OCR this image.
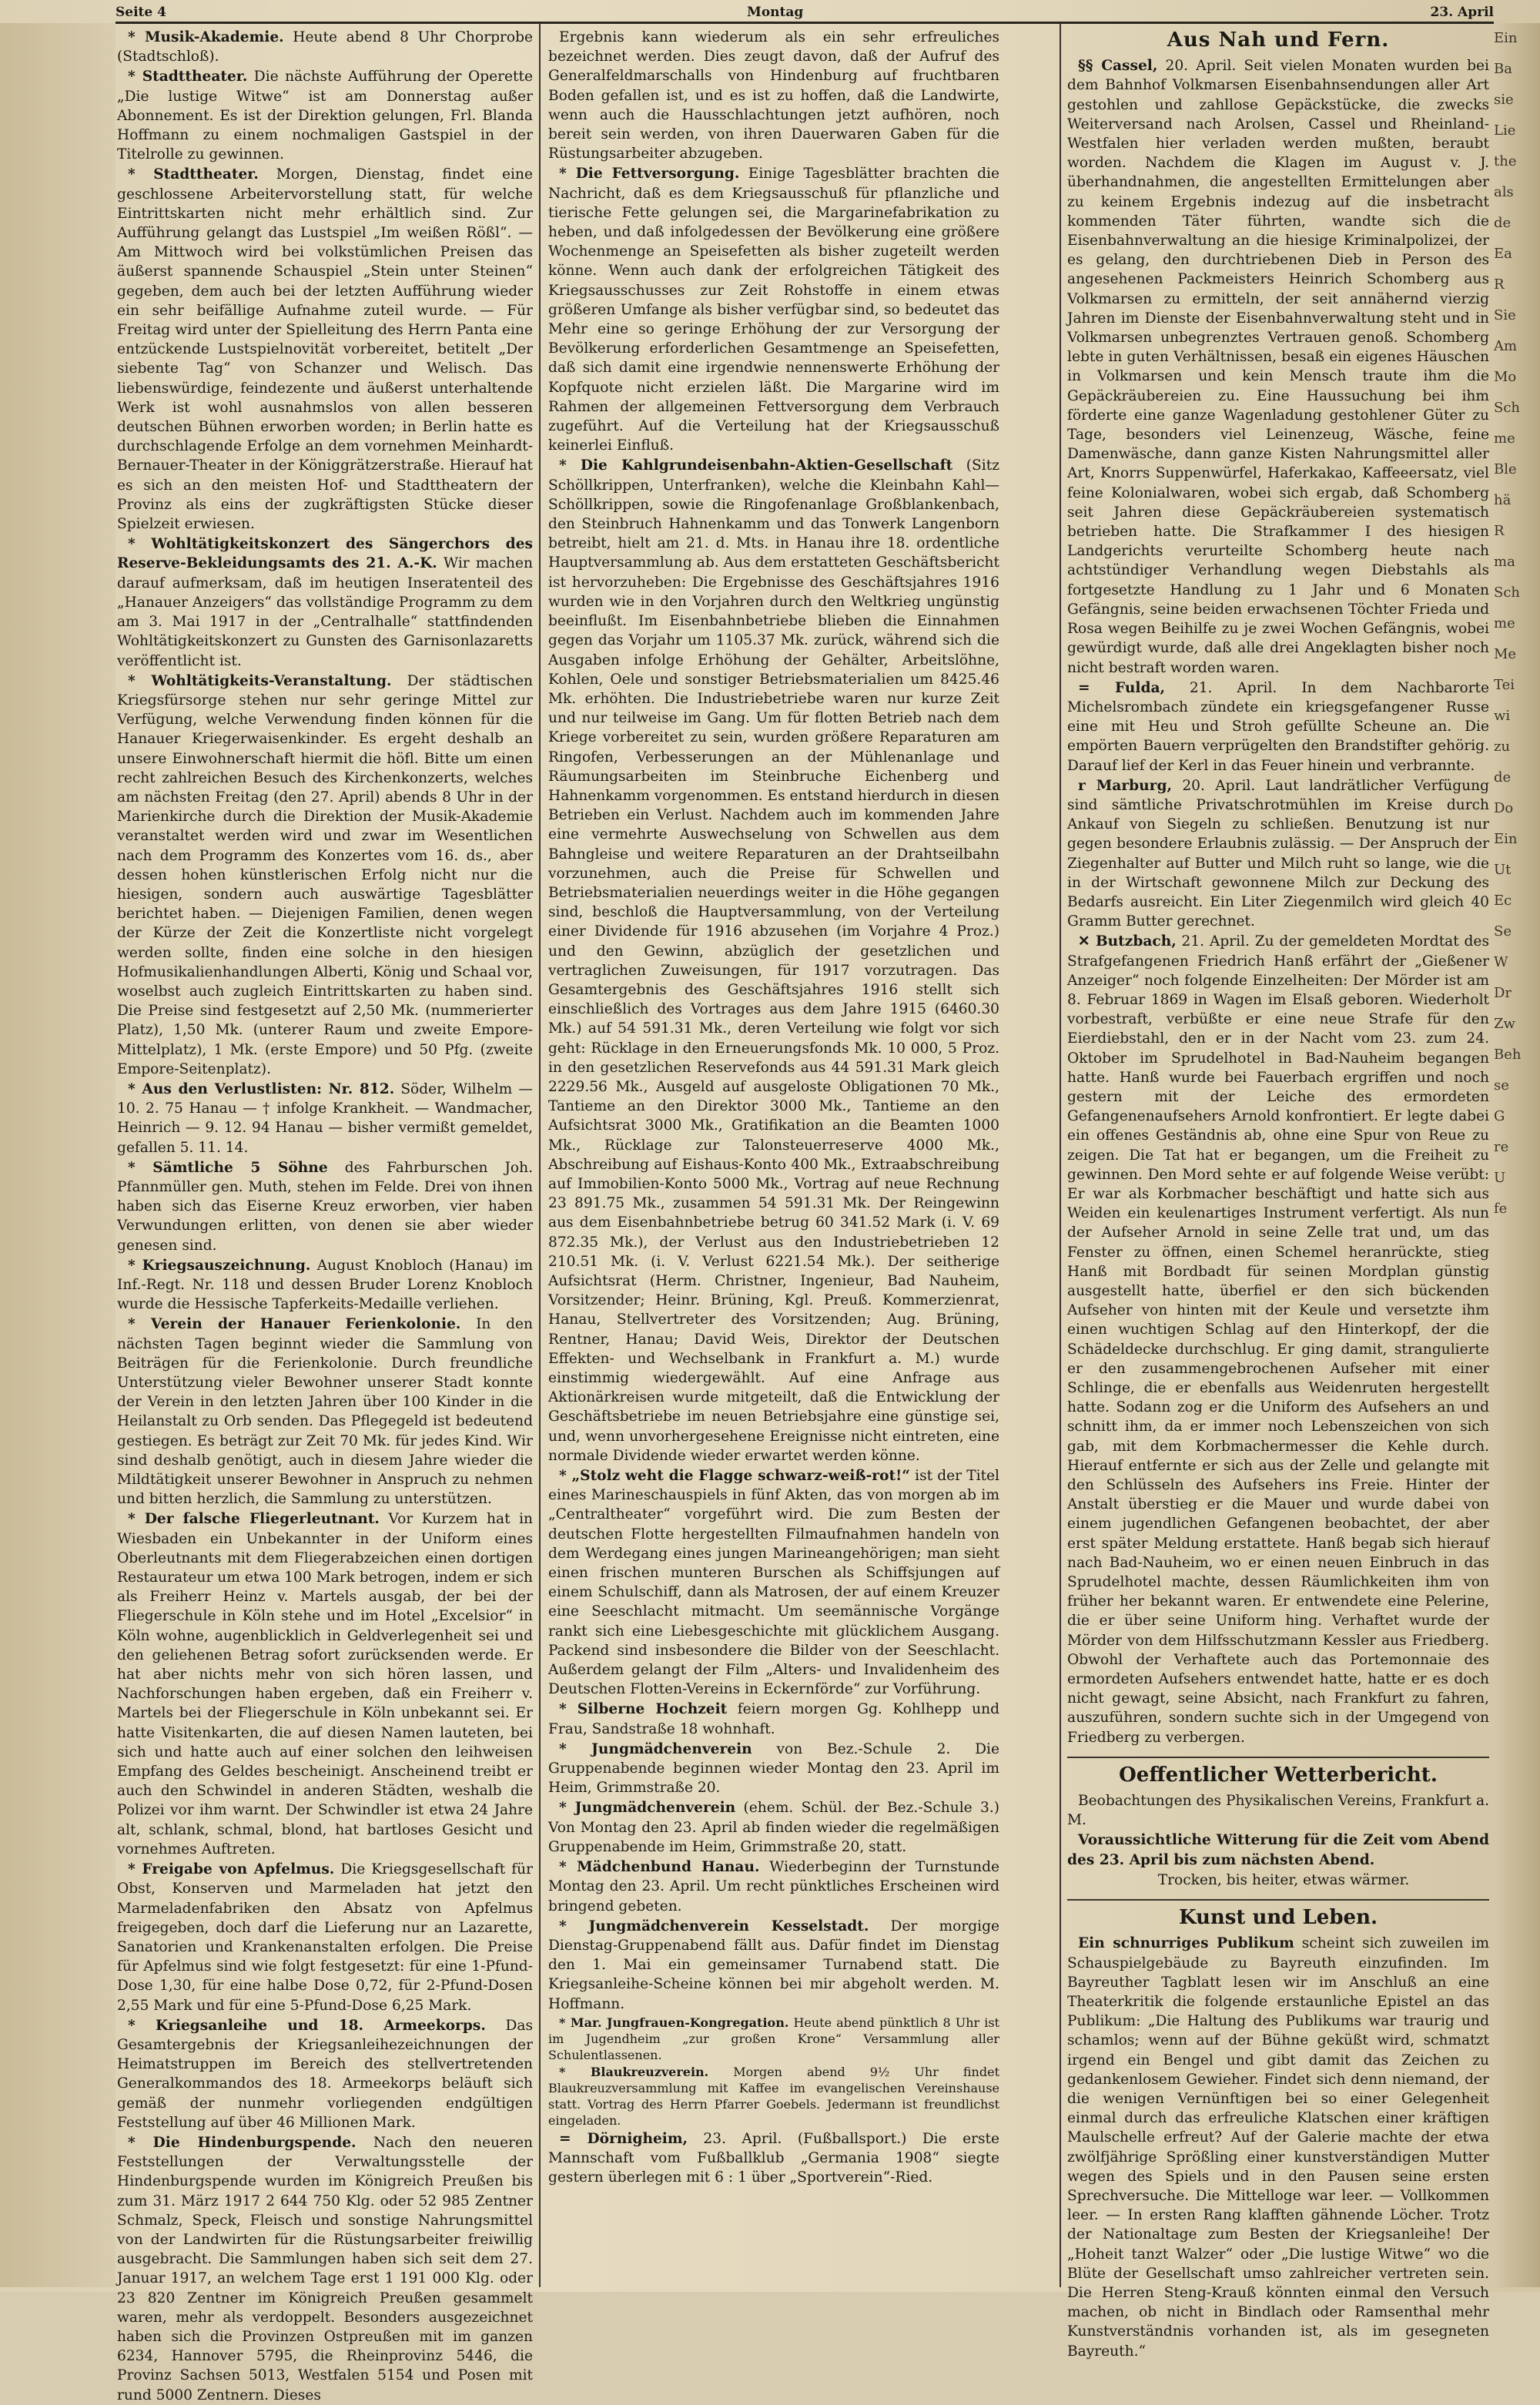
Seite 4	Montag	23. April

* Musik-Akademie. Heute abend 8 Uhr Chorprobe (Stadtschloß).

* Stadttheater. Die nächste Aufführung der Operette „Die lustige Witwe“ ist am Donnerstag außer Abonnement. Es ist der Direktion gelungen, Frl. Blanda Hoffmann zu einem nochmaligen Gastspiel in der Titelrolle zu gewinnen.

* Stadttheater. Morgen, Dienstag, findet eine geschlossene Arbeitervorstellung statt, für welche Eintrittskarten nicht mehr erhältlich sind. Zur Aufführung gelangt das Lustspiel „Im weißen Rößl“. — Am Mittwoch wird bei volkstümlichen Preisen das äußerst spannende Schauspiel „Stein unter Steinen“ gegeben, dem auch bei der letzten Aufführung wieder ein sehr beifällige Aufnahme zuteil wurde. — Für Freitag wird unter der Spielleitung des Herrn Panta eine entzückende Lustspielnovität vorbereitet, betitelt „Der siebente Tag“ von Schanzer und Welisch. Das liebenswürdige, feindezente und äußerst unterhaltende Werk ist wohl ausnahmslos von allen besseren deutschen Bühnen erworben worden; in Berlin hatte es durchschlagende Erfolge an dem vornehmen Meinhardt-Bernauer-Theater in der Königgrätzerstraße. Hierauf hat es sich an den meisten Hof- und Stadttheatern der Provinz als eins der zugkräftigsten Stücke dieser Spielzeit erwiesen.

* Wohltätigkeitskonzert des Sängerchors des Reserve-Bekleidungsamts des 21. A.-K. Wir machen darauf aufmerksam, daß im heutigen Inseratenteil des „Hanauer Anzeigers“ das vollständige Programm zu dem am 3. Mai 1917 in der „Centralhalle“ stattfindenden Wohltätigkeitskonzert zu Gunsten des Garnisonlazaretts veröffentlicht ist.

* Wohltätigkeits-Veranstaltung. Der städtischen Kriegsfürsorge stehen nur sehr geringe Mittel zur Verfügung, welche Verwendung finden können für die Hanauer Kriegerwaisenkinder. Es ergeht deshalb an unsere Einwohnerschaft hiermit die höfl. Bitte um einen recht zahlreichen Besuch des Kirchenkonzerts, welches am nächsten Freitag (den 27. April) abends 8 Uhr in der Marienkirche durch die Direktion der Musik-Akademie veranstaltet werden wird und zwar im Wesentlichen nach dem Programm des Konzertes vom 16. ds., aber dessen hohen künstlerischen Erfolg nicht nur die hiesigen, sondern auch auswärtige Tagesblätter berichtet haben. — Diejenigen Familien, denen wegen der Kürze der Zeit die Konzertliste nicht vorgelegt werden sollte, finden eine solche in den hiesigen Hofmusikalienhandlungen Alberti, König und Schaal vor, woselbst auch zugleich Eintrittskarten zu haben sind. Die Preise sind festgesetzt auf 2,50 Mk. (nummerierter Platz), 1,50 Mk. (unterer Raum und zweite Empore-Mittelplatz), 1 Mk. (erste Empore) und 50 Pfg. (zweite Empore-Seitenplatz).

* Aus den Verlustlisten: Nr. 812. Söder, Wilhelm — 10. 2. 75 Hanau — † infolge Krankheit. — Wandmacher, Heinrich — 9. 12. 94 Hanau — bisher vermißt gemeldet, gefallen 5. 11. 14.

* Sämtliche 5 Söhne des Fahrburschen Joh. Pfannmüller gen. Muth, stehen im Felde. Drei von ihnen haben sich das Eiserne Kreuz erworben, vier haben Verwundungen erlitten, von denen sie aber wieder genesen sind.

* Kriegsauszeichnung. August Knobloch (Hanau) im Inf.-Regt. Nr. 118 und dessen Bruder Lorenz Knobloch wurde die Hessische Tapferkeits-Medaille verliehen.

* Verein der Hanauer Ferienkolonie. In den nächsten Tagen beginnt wieder die Sammlung von Beiträgen für die Ferienkolonie. Durch freundliche Unterstützung vieler Bewohner unserer Stadt konnte der Verein in den letzten Jahren über 100 Kinder in die Heilanstalt zu Orb senden. Das Pflegegeld ist bedeutend gestiegen. Es beträgt zur Zeit 70 Mk. für jedes Kind. Wir sind deshalb genötigt, auch in diesem Jahre wieder die Mildtätigkeit unserer Bewohner in Anspruch zu nehmen und bitten herzlich, die Sammlung zu unterstützen.

* Der falsche Fliegerleutnant. Vor Kurzem hat in Wiesbaden ein Unbekannter in der Uniform eines Oberleutnants mit dem Fliegerabzeichen einen dortigen Restaurateur um etwa 100 Mark betrogen, indem er sich als Freiherr Heinz v. Martels ausgab, der bei der Fliegerschule in Köln stehe und im Hotel „Excelsior“ in Köln wohne, augenblicklich in Geldverlegenheit sei und den geliehenen Betrag sofort zurücksenden werde. Er hat aber nichts mehr von sich hören lassen, und Nachforschungen haben ergeben, daß ein Freiherr v. Martels bei der Fliegerschule in Köln unbekannt sei. Er hatte Visitenkarten, die auf diesen Namen lauteten, bei sich und hatte auch auf einer solchen den leihweisen Empfang des Geldes bescheinigt. Anscheinend treibt er auch den Schwindel in anderen Städten, weshalb die Polizei vor ihm warnt. Der Schwindler ist etwa 24 Jahre alt, schlank, schmal, blond, hat bartloses Gesicht und vornehmes Auftreten.

* Freigabe von Apfelmus. Die Kriegsgesellschaft für Obst, Konserven und Marmeladen hat jetzt den Marmeladenfabriken den Absatz von Apfelmus freigegeben, doch darf die Lieferung nur an Lazarette, Sanatorien und Krankenanstalten erfolgen. Die Preise für Apfelmus sind wie folgt festgesetzt: für eine 1-Pfund-Dose 1,30, für eine halbe Dose 0,72, für 2-Pfund-Dosen 2,55 Mark und für eine 5-Pfund-Dose 6,25 Mark.

* Kriegsanleihe und 18. Armeekorps. Das Gesamtergebnis der Kriegsanleihezeichnungen der Heimatstruppen im Bereich des stellvertretenden Generalkommandos des 18. Armeekorps beläuft sich gemäß der nunmehr vorliegenden endgültigen Feststellung auf über 46 Millionen Mark.

* Die Hindenburgspende. Nach den neueren Feststellungen der Verwaltungsstelle der Hindenburgspende wurden im Königreich Preußen bis zum 31. März 1917 2 644 750 Klg. oder 52 985 Zentner Schmalz, Speck, Fleisch und sonstige Nahrungsmittel von der Landwirten für die Rüstungsarbeiter freiwillig ausgebracht. Die Sammlungen haben sich seit dem 27. Januar 1917, an welchem Tage erst 1 191 000 Klg. oder 23 820 Zentner im Königreich Preußen gesammelt waren, mehr als verdoppelt. Besonders ausgezeichnet haben sich die Provinzen Ostpreußen mit im ganzen 6234, Hannover 5795, die Rheinprovinz 5446, die Provinz Sachsen 5013, Westfalen 5154 und Posen mit rund 5000 Zentnern. Dieses

Ergebnis kann wiederum als ein sehr erfreuliches bezeichnet werden. Dies zeugt davon, daß der Aufruf des Generalfeldmarschalls von Hindenburg auf fruchtbaren Boden gefallen ist, und es ist zu hoffen, daß die Landwirte, wenn auch die Hausschlachtungen jetzt aufhören, noch bereit sein werden, von ihren Dauerwaren Gaben für die Rüstungsarbeiter abzugeben.

* Die Fettversorgung. Einige Tagesblätter brachten die Nachricht, daß es dem Kriegsausschuß für pflanzliche und tierische Fette gelungen sei, die Margarinefabrikation zu heben, und daß infolgedessen der Bevölkerung eine größere Wochenmenge an Speisefetten als bisher zugeteilt werden könne. Wenn auch dank der erfolgreichen Tätigkeit des Kriegsausschusses zur Zeit Rohstoffe in einem etwas größeren Umfange als bisher verfügbar sind, so bedeutet das Mehr eine so geringe Erhöhung der zur Versorgung der Bevölkerung erforderlichen Gesamtmenge an Speisefetten, daß sich damit eine irgendwie nennenswerte Erhöhung der Kopfquote nicht erzielen läßt. Die Margarine wird im Rahmen der allgemeinen Fettversorgung dem Verbrauch zugeführt. Auf die Verteilung hat der Kriegsausschuß keinerlei Einfluß.

* Die Kahlgrundeisenbahn-Aktien-Gesellschaft (Sitz Schöllkrippen, Unterfranken), welche die Kleinbahn Kahl—Schöllkrippen, sowie die Ringofenanlage Großblankenbach, den Steinbruch Hahnenkamm und das Tonwerk Langenborn betreibt, hielt am 21. d. Mts. in Hanau ihre 18. ordentliche Hauptversammlung ab. Aus dem erstatteten Geschäftsbericht ist hervorzuheben: Die Ergebnisse des Geschäftsjahres 1916 wurden wie in den Vorjahren durch den Weltkrieg ungünstig beeinflußt. Im Eisenbahnbetriebe blieben die Einnahmen gegen das Vorjahr um 1105.37 Mk. zurück, während sich die Ausgaben infolge Erhöhung der Gehälter, Arbeitslöhne, Kohlen, Oele und sonstiger Betriebsmaterialien um 8425.46 Mk. erhöhten. Die Industriebetriebe waren nur kurze Zeit und nur teilweise im Gang. Um für flotten Betrieb nach dem Kriege vorbereitet zu sein, wurden größere Reparaturen am Ringofen, Verbesserungen an der Mühlenanlage und Räumungsarbeiten im Steinbruche Eichenberg und Hahnenkamm vorgenommen. Es entstand hierdurch in diesen Betrieben ein Verlust. Nachdem auch im kommenden Jahre eine vermehrte Auswechselung von Schwellen aus dem Bahngleise und weitere Reparaturen an der Drahtseilbahn vorzunehmen, auch die Preise für Schwellen und Betriebsmaterialien neuerdings weiter in die Höhe gegangen sind, beschloß die Hauptversammlung, von der Verteilung einer Dividende für 1916 abzusehen (im Vorjahre 4 Proz.) und den Gewinn, abzüglich der gesetzlichen und vertraglichen Zuweisungen, für 1917 vorzutragen. Das Gesamtergebnis des Geschäftsjahres 1916 stellt sich einschließlich des Vortrages aus dem Jahre 1915 (6460.30 Mk.) auf 54 591.31 Mk., deren Verteilung wie folgt vor sich geht: Rücklage in den Erneuerungsfonds Mk. 10 000, 5 Proz. in den gesetzlichen Reservefonds aus 44 591.31 Mark gleich 2229.56 Mk., Ausgeld auf ausgeloste Obligationen 70 Mk., Tantieme an den Direktor 3000 Mk., Tantieme an den Aufsichtsrat 3000 Mk., Gratifikation an die Beamten 1000 Mk., Rücklage zur Talonsteuerreserve 4000 Mk., Abschreibung auf Eishaus-Konto 400 Mk., Extraabschreibung auf Immobilien-Konto 5000 Mk., Vortrag auf neue Rechnung 23 891.75 Mk., zusammen 54 591.31 Mk. Der Reingewinn aus dem Eisenbahnbetriebe betrug 60 341.52 Mark (i. V. 69 872.35 Mk.), der Verlust aus den Industriebetrieben 12 210.51 Mk. (i. V. Verlust 6221.54 Mk.). Der seitherige Aufsichtsrat (Herm. Christner, Ingenieur, Bad Nauheim, Vorsitzender; Heinr. Brüning, Kgl. Preuß. Kommerzienrat, Hanau, Stellvertreter des Vorsitzenden; Aug. Brüning, Rentner, Hanau; David Weis, Direktor der Deutschen Effekten- und Wechselbank in Frankfurt a. M.) wurde einstimmig wiedergewählt. Auf eine Anfrage aus Aktionärkreisen wurde mitgeteilt, daß die Entwicklung der Geschäftsbetriebe im neuen Betriebsjahre eine günstige sei, und, wenn unvorhergesehene Ereignisse nicht eintreten, eine normale Dividende wieder erwartet werden könne.

* „Stolz weht die Flagge schwarz-weiß-rot!“ ist der Titel eines Marineschauspiels in fünf Akten, das von morgen ab im „Centraltheater“ vorgeführt wird. Die zum Besten der deutschen Flotte hergestellten Filmaufnahmen handeln von dem Werdegang eines jungen Marineangehörigen; man sieht einen frischen munteren Burschen als Schiffsjungen auf einem Schulschiff, dann als Matrosen, der auf einem Kreuzer eine Seeschlacht mitmacht. Um seemännische Vorgänge rankt sich eine Liebesgeschichte mit glücklichem Ausgang. Packend sind insbesondere die Bilder von der Seeschlacht. Außerdem gelangt der Film „Alters- und Invalidenheim des Deutschen Flotten-Vereins in Eckernförde“ zur Vorführung.

* Silberne Hochzeit feiern morgen Gg. Kohlhepp und Frau, Sandstraße 18 wohnhaft.

* Jungmädchenverein von Bez.-Schule 2. Die Gruppenabende beginnen wieder Montag den 23. April im Heim, Grimmstraße 20.

* Jungmädchenverein (ehem. Schül. der Bez.-Schule 3.) Von Montag den 23. April ab finden wieder die regelmäßigen Gruppenabende im Heim, Grimmstraße 20, statt.

* Mädchenbund Hanau. Wiederbeginn der Turnstunde Montag den 23. April. Um recht pünktliches Erscheinen wird bringend gebeten.

* Jungmädchenverein Kesselstadt. Der morgige Dienstag-Gruppenabend fällt aus. Dafür findet im Dienstag den 1. Mai ein gemeinsamer Turnabend statt. Die Kriegsanleihe-Scheine können bei mir abgeholt werden. M. Hoffmann.

* Mar. Jungfrauen-Kongregation. Heute abend pünktlich 8 Uhr ist im Jugendheim „zur großen Krone“ Versammlung aller Schulentlassenen.

* Blaukreuzverein. Morgen abend 9½ Uhr findet Blaukreuzversammlung mit Kaffee im evangelischen Vereinshause statt. Vortrag des Herrn Pfarrer Goebels. Jedermann ist freundlichst eingeladen.

= Dörnigheim, 23. April. (Fußballsport.) Die erste Mannschaft vom Fußballklub „Germania 1908“ siegte gestern überlegen mit 6 : 1 über „Sportverein“-Ried.

Aus Nah und Fern.

§§ Cassel, 20. April. Seit vielen Monaten wurden bei dem Bahnhof Volkmarsen Eisenbahnsendungen aller Art gestohlen und zahllose Gepäckstücke, die zwecks Weiterversand nach Arolsen, Cassel und Rheinland-Westfalen hier verladen werden mußten, beraubt worden. Nachdem die Klagen im August v. J. überhandnahmen, die angestellten Ermittelungen aber zu keinem Ergebnis indezug auf die insbetracht kommenden Täter führten, wandte sich die Eisenbahnverwaltung an die hiesige Kriminalpolizei, der es gelang, den durchtriebenen Dieb in Person des angesehenen Packmeisters Heinrich Schomberg aus Volkmarsen zu ermitteln, der seit annähernd vierzig Jahren im Dienste der Eisenbahnverwaltung steht und in Volkmarsen unbegrenztes Vertrauen genoß. Schomberg lebte in guten Verhältnissen, besaß ein eigenes Häuschen in Volkmarsen und kein Mensch traute ihm die Gepäckräubereien zu. Eine Haussuchung bei ihm förderte eine ganze Wagenladung gestohlener Güter zu Tage, besonders viel Leinenzeug, Wäsche, feine Damenwäsche, dann ganze Kisten Nahrungsmittel aller Art, Knorrs Suppenwürfel, Haferkakao, Kaffeeersatz, viel feine Kolonialwaren, wobei sich ergab, daß Schomberg seit Jahren diese Gepäckräubereien systematisch betrieben hatte. Die Strafkammer I des hiesigen Landgerichts verurteilte Schomberg heute nach achtstündiger Verhandlung wegen Diebstahls als fortgesetzte Handlung zu 1 Jahr und 6 Monaten Gefängnis, seine beiden erwachsenen Töchter Frieda und Rosa wegen Beihilfe zu je zwei Wochen Gefängnis, wobei gewürdigt wurde, daß alle drei Angeklagten bisher noch nicht bestraft worden waren.

= Fulda, 21. April. In dem Nachbarorte Michelsrombach zündete ein kriegsgefangener Russe eine mit Heu und Stroh gefüllte Scheune an. Die empörten Bauern verprügelten den Brandstifter gehörig. Darauf lief der Kerl in das Feuer hinein und verbrannte.

r Marburg, 20. April. Laut landrätlicher Verfügung sind sämtliche Privatschrotmühlen im Kreise durch Ankauf von Siegeln zu schließen. Benutzung ist nur gegen besondere Erlaubnis zulässig. — Der Anspruch der Ziegenhalter auf Butter und Milch ruht so lange, wie die in der Wirtschaft gewonnene Milch zur Deckung des Bedarfs ausreicht. Ein Liter Ziegenmilch wird gleich 40 Gramm Butter gerechnet.

✕ Butzbach, 21. April. Zu der gemeldeten Mordtat des Strafgefangenen Friedrich Hanß erfährt der „Gießener Anzeiger“ noch folgende Einzelheiten: Der Mörder ist am 8. Februar 1869 in Wagen im Elsaß geboren. Wiederholt vorbestraft, verbüßte er eine neue Strafe für den Eierdiebstahl, den er in der Nacht vom 23. zum 24. Oktober im Sprudelhotel in Bad-Nauheim begangen hatte. Hanß wurde bei Fauerbach ergriffen und noch gestern mit der Leiche des ermordeten Gefangenenaufsehers Arnold konfrontiert. Er legte dabei ein offenes Geständnis ab, ohne eine Spur von Reue zu zeigen. Die Tat hat er begangen, um die Freiheit zu gewinnen. Den Mord sehte er auf folgende Weise verübt: Er war als Korbmacher beschäftigt und hatte sich aus Weiden ein keulenartiges Instrument verfertigt. Als nun der Aufseher Arnold in seine Zelle trat und, um das Fenster zu öffnen, einen Schemel heranrückte, stieg Hanß mit Bordbadt für seinen Mordplan günstig ausgestellt hatte, überfiel er den sich bückenden Aufseher von hinten mit der Keule und versetzte ihm einen wuchtigen Schlag auf den Hinterkopf, der die Schädeldecke durchschlug. Er ging damit, strangulierte er den zusammengebrochenen Aufseher mit einer Schlinge, die er ebenfalls aus Weidenruten hergestellt hatte. Sodann zog er die Uniform des Aufsehers an und schnitt ihm, da er immer noch Lebenszeichen von sich gab, mit dem Korbmachermesser die Kehle durch. Hierauf entfernte er sich aus der Zelle und gelangte mit den Schlüsseln des Aufsehers ins Freie. Hinter der Anstalt überstieg er die Mauer und wurde dabei von einem jugendlichen Gefangenen beobachtet, der aber erst später Meldung erstattete. Hanß begab sich hierauf nach Bad-Nauheim, wo er einen neuen Einbruch in das Sprudelhotel machte, dessen Räumlichkeiten ihm von früher her bekannt waren. Er entwendete eine Pelerine, die er über seine Uniform hing. Verhaftet wurde der Mörder von dem Hilfsschutzmann Kessler aus Friedberg. Obwohl der Verhaftete auch das Portemonnaie des ermordeten Aufsehers entwendet hatte, hatte er es doch nicht gewagt, seine Absicht, nach Frankfurt zu fahren, auszuführen, sondern suchte sich in der Umgegend von Friedberg zu verbergen.

Oeffentlicher Wetterbericht.

Beobachtungen des Physikalischen Vereins, Frankfurt a. M.

Voraussichtliche Witterung für die Zeit vom Abend des 23. April bis zum nächsten Abend.

Trocken, bis heiter, etwas wärmer.

Kunst und Leben.

Ein schnurriges Publikum scheint sich zuweilen im Schauspielgebäude zu Bayreuth einzufinden. Im Bayreuther Tagblatt lesen wir im Anschluß an eine Theaterkritik die folgende erstaunliche Epistel an das Publikum: „Die Haltung des Publikums war traurig und schamlos; wenn auf der Bühne geküßt wird, schmatzt irgend ein Bengel und gibt damit das Zeichen zu gedankenlosem Gewieher. Findet sich denn niemand, der die wenigen Vernünftigen bei so einer Gelegenheit einmal durch das erfreuliche Klatschen einer kräftigen Maulschelle erfreut? Auf der Galerie machte der etwa zwölfjährige Sprößling einer kunstverständigen Mutter wegen des Spiels und in den Pausen seine ersten Sprechversuche. Die Mittelloge war leer. — Vollkommen leer. — In ersten Rang klafften gähnende Löcher. Trotz der Nationaltage zum Besten der Kriegsanleihe! Der „Hoheit tanzt Walzer“ oder „Die lustige Witwe“ wo die Blüte der Gesellschaft umso zahlreicher vertreten sein. Die Herren Steng-Krauß könnten einmal den Versuch machen, ob nicht in Bindlach oder Ramsenthal mehr Kunstverständnis vorhanden ist, als im gesegneten Bayreuth.“

Ein
Ba
sie
Lie
the
als
de
Ea
R
Sie
Am
Mo
Sch
me
Ble
hä
R
ma
Sch
me
Me
Tei
wi
zu
de
Do
Ein
Ut
Ec
Se
W
Dr
Zw
Beh
se
G
re
U
fe
